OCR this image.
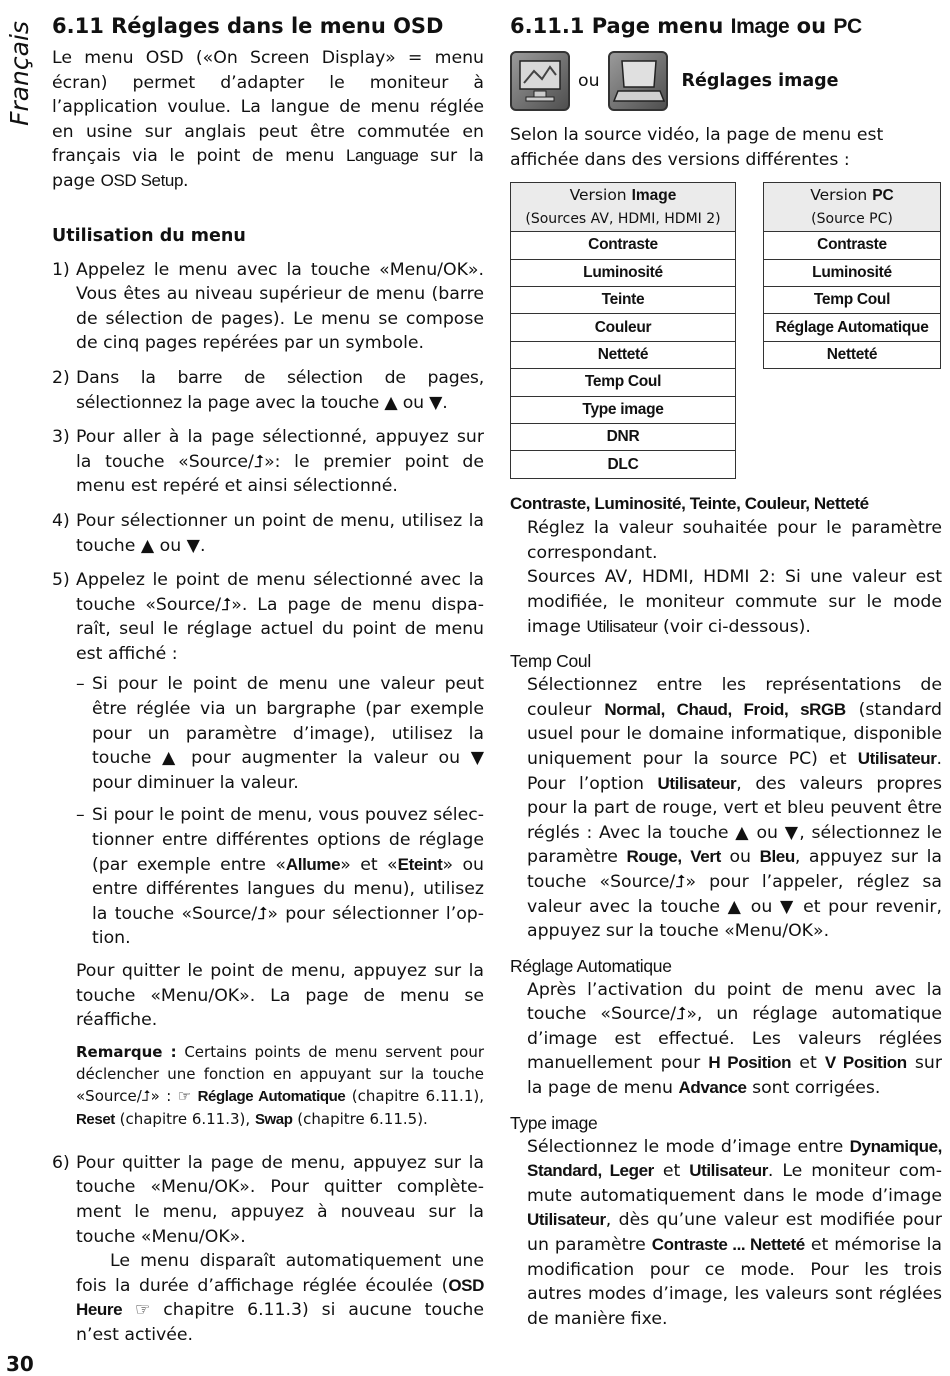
Français
30
6.11 Réglages dans le menu OSD

Le menu OSD («On Screen Display» = menu écran) permet d’adapter le moniteur à l’application voulue. La langue de menu réglée en usine sur anglais peut être commutée en français via le point de menu Language sur la page OSD Setup.

Utilisation du menu
1) Appelez le menu avec la touche «Menu/OK». Vous êtes au niveau supérieur de menu (barre de sélection de pages). Le menu se compose de cinq pages repérées par un symbole.

2) Dans la barre de sélection de pages, sélectionnez la page avec la touche ▲ ou ▼.

3) Pour aller à la page sélectionné, appuyez sur la touche «Source/⮥»: le premier point de menu est repéré et ainsi sélectionné.

4) Pour sélectionner un point de menu, utilisez la touche ▲ ou ▼.

5) Appelez le point de menu sélectionné avec la touche «Source/⮥». La page de menu disparaît, seul le réglage actuel du point de menu est affiché :

– Si pour le point de menu une valeur peut être réglée via un bargraphe (par exemple pour un paramètre d’image), utilisez la touche ▲ pour augmenter la valeur ou ▼ pour diminuer la valeur.

– Si pour le point de menu, vous pouvez sélectionner entre différentes options de réglage (par exemple entre «Allume» et «Eteint» ou entre différentes langues du menu), utilisez la touche «Source/⮥» pour sélectionner l’option.

Pour quitter le point de menu, appuyez sur la touche «Menu/OK». La page de menu se réaffiche.

Remarque : Certains points de menu servent pour déclencher une fonction en appuyant sur la touche «Source/⮥» : ☞ Réglage Automatique (chapitre 6.11.1), Reset (chapitre 6.11.3), Swap (chapitre 6.11.5).

6) Pour quitter la page de menu, appuyez sur la touche «Menu/OK». Pour quitter complètement le menu, appuyez à nouveau sur la touche «Menu/OK».

Le menu disparaît automatiquement une fois la durée d’affichage réglée écoulée (OSD Heure ☞ chapitre 6.11.3) si aucune touche n’est activée.

6.11.1 Page menu Image ou PC
ou	Réglages image

Selon la source vidéo, la page de menu est affichée dans des versions différentes :

Version Image
(Sources AV, HDMI, HDMI 2)
Contraste
Luminosité
Teinte
Couleur
Netteté
Temp Coul
Type image
DNR
DLC
Version PC
(Source PC)
Contraste
Luminosité
Temp Coul
Réglage Automatique
Netteté

Contraste, Luminosité, Teinte, Couleur, Netteté

Réglez la valeur souhaitée pour le paramètre correspondant.

Sources AV, HDMI, HDMI 2: Si une valeur est modifiée, le moniteur commute sur le mode image Utilisateur (voir ci-dessous).

Temp Coul

Sélectionnez entre les représentations de couleur Normal, Chaud, Froid, sRGB (standard usuel pour le domaine informatique, disponible uniquement pour la source PC) et Utilisateur. Pour l’option Utilisateur, des valeurs propres pour la part de rouge, vert et bleu peuvent être réglés : Avec la touche ▲ ou ▼, sélectionnez le paramètre Rouge, Vert ou Bleu, appuyez sur la touche «Source/⮥» pour l’appeler, réglez sa valeur avec la touche ▲ ou ▼ et pour revenir, appuyez sur la touche «Menu/OK».

Réglage Automatique

Après l’activation du point de menu avec la touche «Source/⮥», un réglage automatique d’image est effectué. Les valeurs réglées manuellement pour H Position et V Position sur la page de menu Advance sont corrigées.

Type image

Sélectionnez le mode d’image entre Dynamique, Standard, Leger et Utilisateur. Le moniteur commute automatiquement dans le mode d’image Utilisateur, dès qu’une valeur est modifiée pour un paramètre Contraste ... Netteté et mémorise la modification pour ce mode. Pour les trois autres modes d’image, les valeurs sont réglées de manière fixe.
